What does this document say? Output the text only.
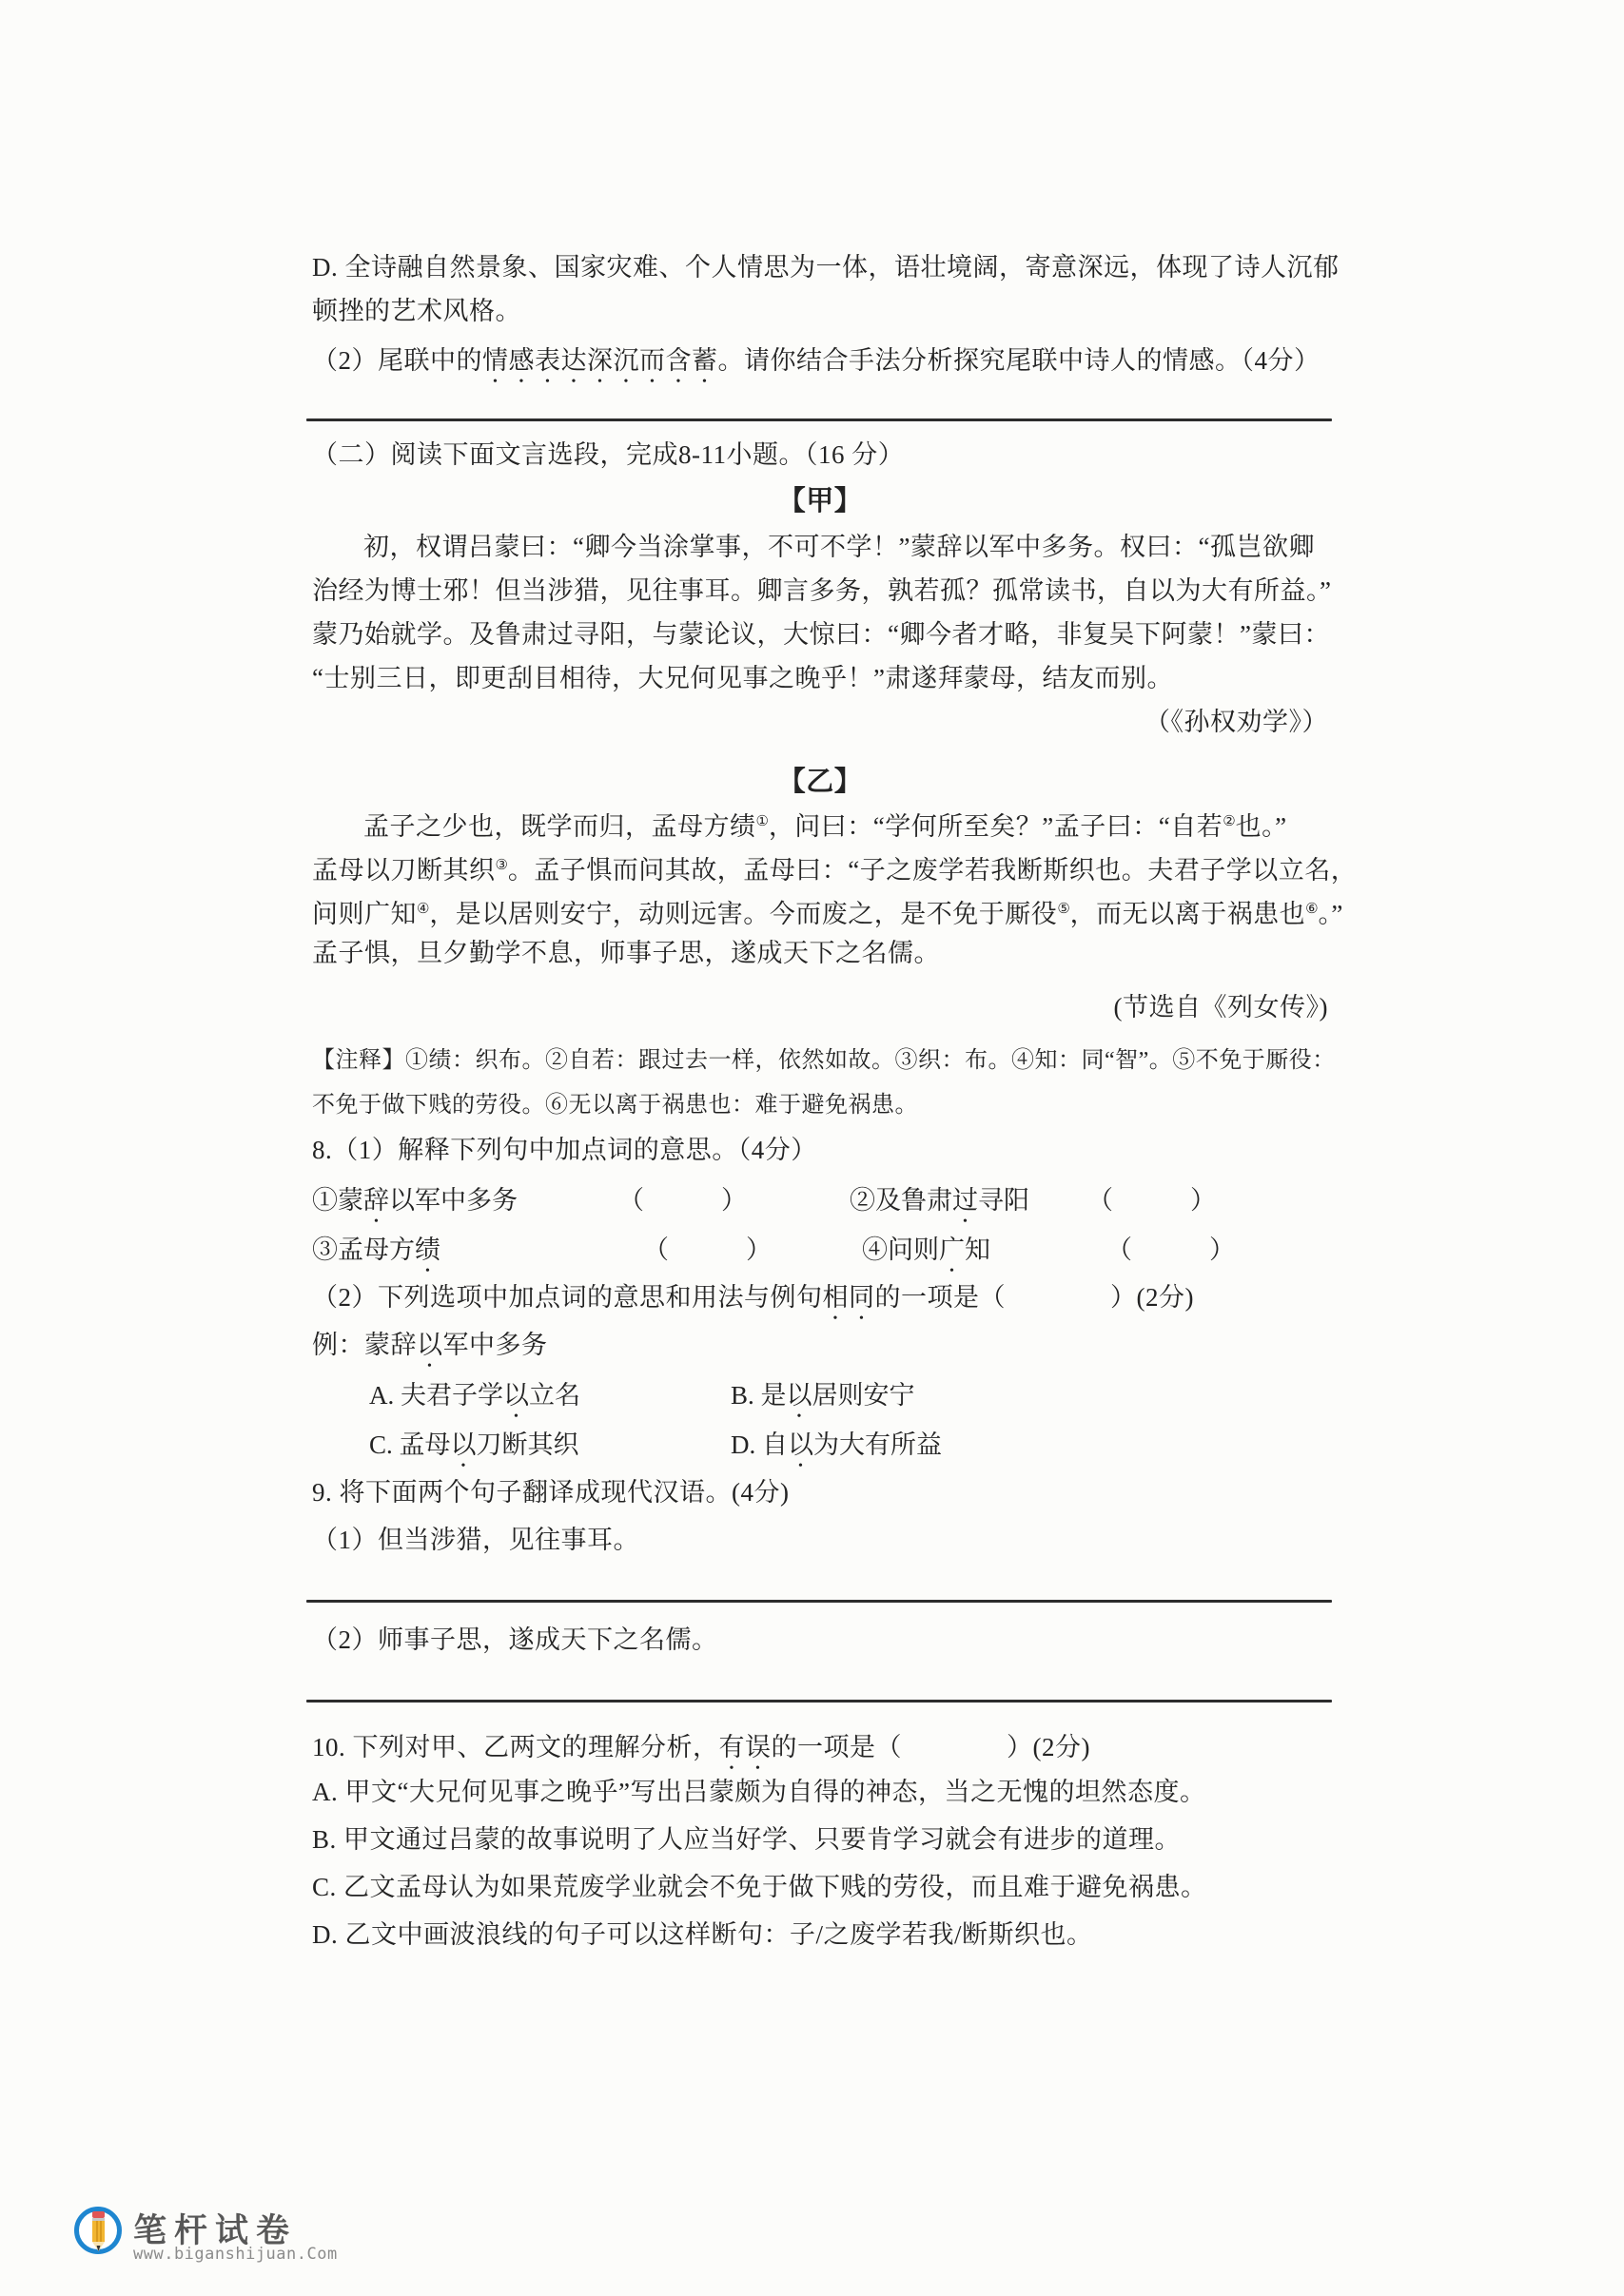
D. 全诗融自然景象、国家灾难、个人情思为一体，语壮境阔，寄意深远，体现了诗人沉郁
顿挫的艺术风格。
（2）尾联中的情感表达深沉而含蓄。请你结合手法分析探究尾联中诗人的情感。（4分）
（二）阅读下面文言选段，完成8-11小题。（16 分）
【甲】
初，权谓吕蒙曰：“卿今当涂掌事，不可不学！”蒙辞以军中多务。权曰：“孤岂欲卿
治经为博士邪！但当涉猎，见往事耳。卿言多务，孰若孤？孤常读书，自以为大有所益。”
蒙乃始就学。及鲁肃过寻阳，与蒙论议，大惊曰：“卿今者才略，非复吴下阿蒙！”蒙曰：
“士别三日，即更刮目相待，大兄何见事之晚乎！”肃遂拜蒙母，结友而别。
（《孙权劝学》）
【乙】
孟子之少也，既学而归，孟母方绩①，问曰：“学何所至矣？”孟子曰：“自若②也。”
孟母以刀断其织③。孟子惧而问其故，孟母曰：“子之废学若我断斯织也。夫君子学以立名，
问则广知④，是以居则安宁，动则远害。今而废之，是不免于厮役⑤，而无以离于祸患也⑥。”
孟子惧，旦夕勤学不息，师事子思，遂成天下之名儒。
(节选自《列女传》)
【注释】①绩：织布。②自若：跟过去一样，依然如故。③织：布。④知：同“智”。⑤不免于厮役：
不免于做下贱的劳役。⑥无以离于祸患也：难于避免祸患。
8.（1）解释下列句中加点词的意思。（4分）
①蒙辞以军中多务	（　　　）	②及鲁肃过寻阳 （　　　）
③孟母方绩	（　　　）	④问则广知	（　　　）
（2）下列选项中加点词的意思和用法与例句相同的一项是（　　　　）(2分)
例：蒙辞以军中多务
A. 夫君子学以立名	B. 是以居则安宁
C. 孟母以刀断其织	D. 自以为大有所益
9. 将下面两个句子翻译成现代汉语。(4分)
（1）但当涉猎，见往事耳。
（2）师事子思，遂成天下之名儒。
10. 下列对甲、乙两文的理解分析，有误的一项是（　　　　）(2分)
A. 甲文“大兄何见事之晚乎”写出吕蒙颇为自得的神态，当之无愧的坦然态度。
B. 甲文通过吕蒙的故事说明了人应当好学、只要肯学习就会有进步的道理。
C. 乙文孟母认为如果荒废学业就会不免于做下贱的劳役，而且难于避免祸患。
D. 乙文中画波浪线的句子可以这样断句：子/之废学若我/断斯织也。
笔杆试卷
www.biganshijuan.Com
